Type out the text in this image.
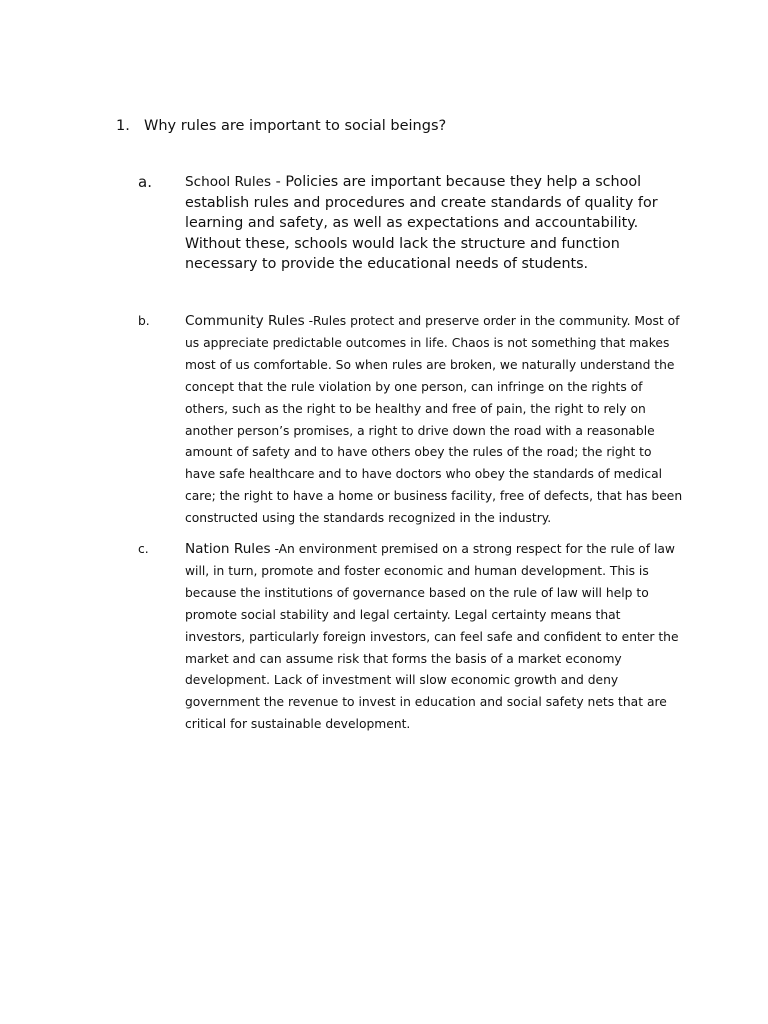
1. Why rules are important to social beings?
a. School Rules - Policies are important because they help a school establish rules and procedures and create standards of quality for learning and safety, as well as expectations and accountability. Without these, schools would lack the structure and function necessary to provide the educational needs of students.
b.	Community Rules -Rules protect and preserve order in the community. Most of us appreciate predictable outcomes in life. Chaos is not something that makes most of us comfortable. So when rules are broken, we naturally understand the concept that the rule violation by one person, can infringe on the rights of others, such as the right to be healthy and free of pain, the right to rely on another person’s promises, a right to drive down the road with a reasonable amount of safety and to have others obey the rules of the road; the right to have safe healthcare and to have doctors who obey the standards of medical care; the right to have a home or business facility, free of defects, that has been constructed using the standards recognized in the industry.
c.	Nation Rules -An environment premised on a strong respect for the rule of law will, in turn, promote and foster economic and human development. This is because the institutions of governance based on the rule of law will help to promote social stability and legal certainty. Legal certainty means that investors, particularly foreign investors, can feel safe and confident to enter the market and can assume risk that forms the basis of a market economy development. Lack of investment will slow economic growth and deny government the revenue to invest in education and social safety nets that are critical for sustainable development.
